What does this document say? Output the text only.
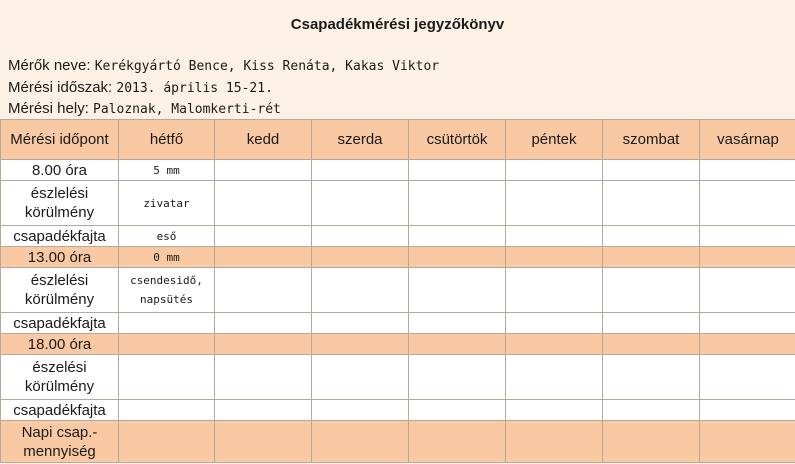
Csapadékmérési jegyzőkönyv
Mérők neve: Kerékgyártó Bence, Kiss Renáta, Kakas Viktor
Mérési időszak: 2013. április 15-21.
Mérési hely: Paloznak, Malomkerti-rét
Mérési időpont	hétfő	kedd	szerda	csütörtök	péntek	szombat	vasárnap
8.00 óra	5 mm						
észlelési körülmény	zivatar						
csapadékfajta	eső						
13.00 óra	0 mm						
észlelési körülmény	csendesidő, napsütés						
csapadékfajta							
18.00 óra							
észelési körülmény							
csapadékfajta							
Napi csap.-mennyiség							
